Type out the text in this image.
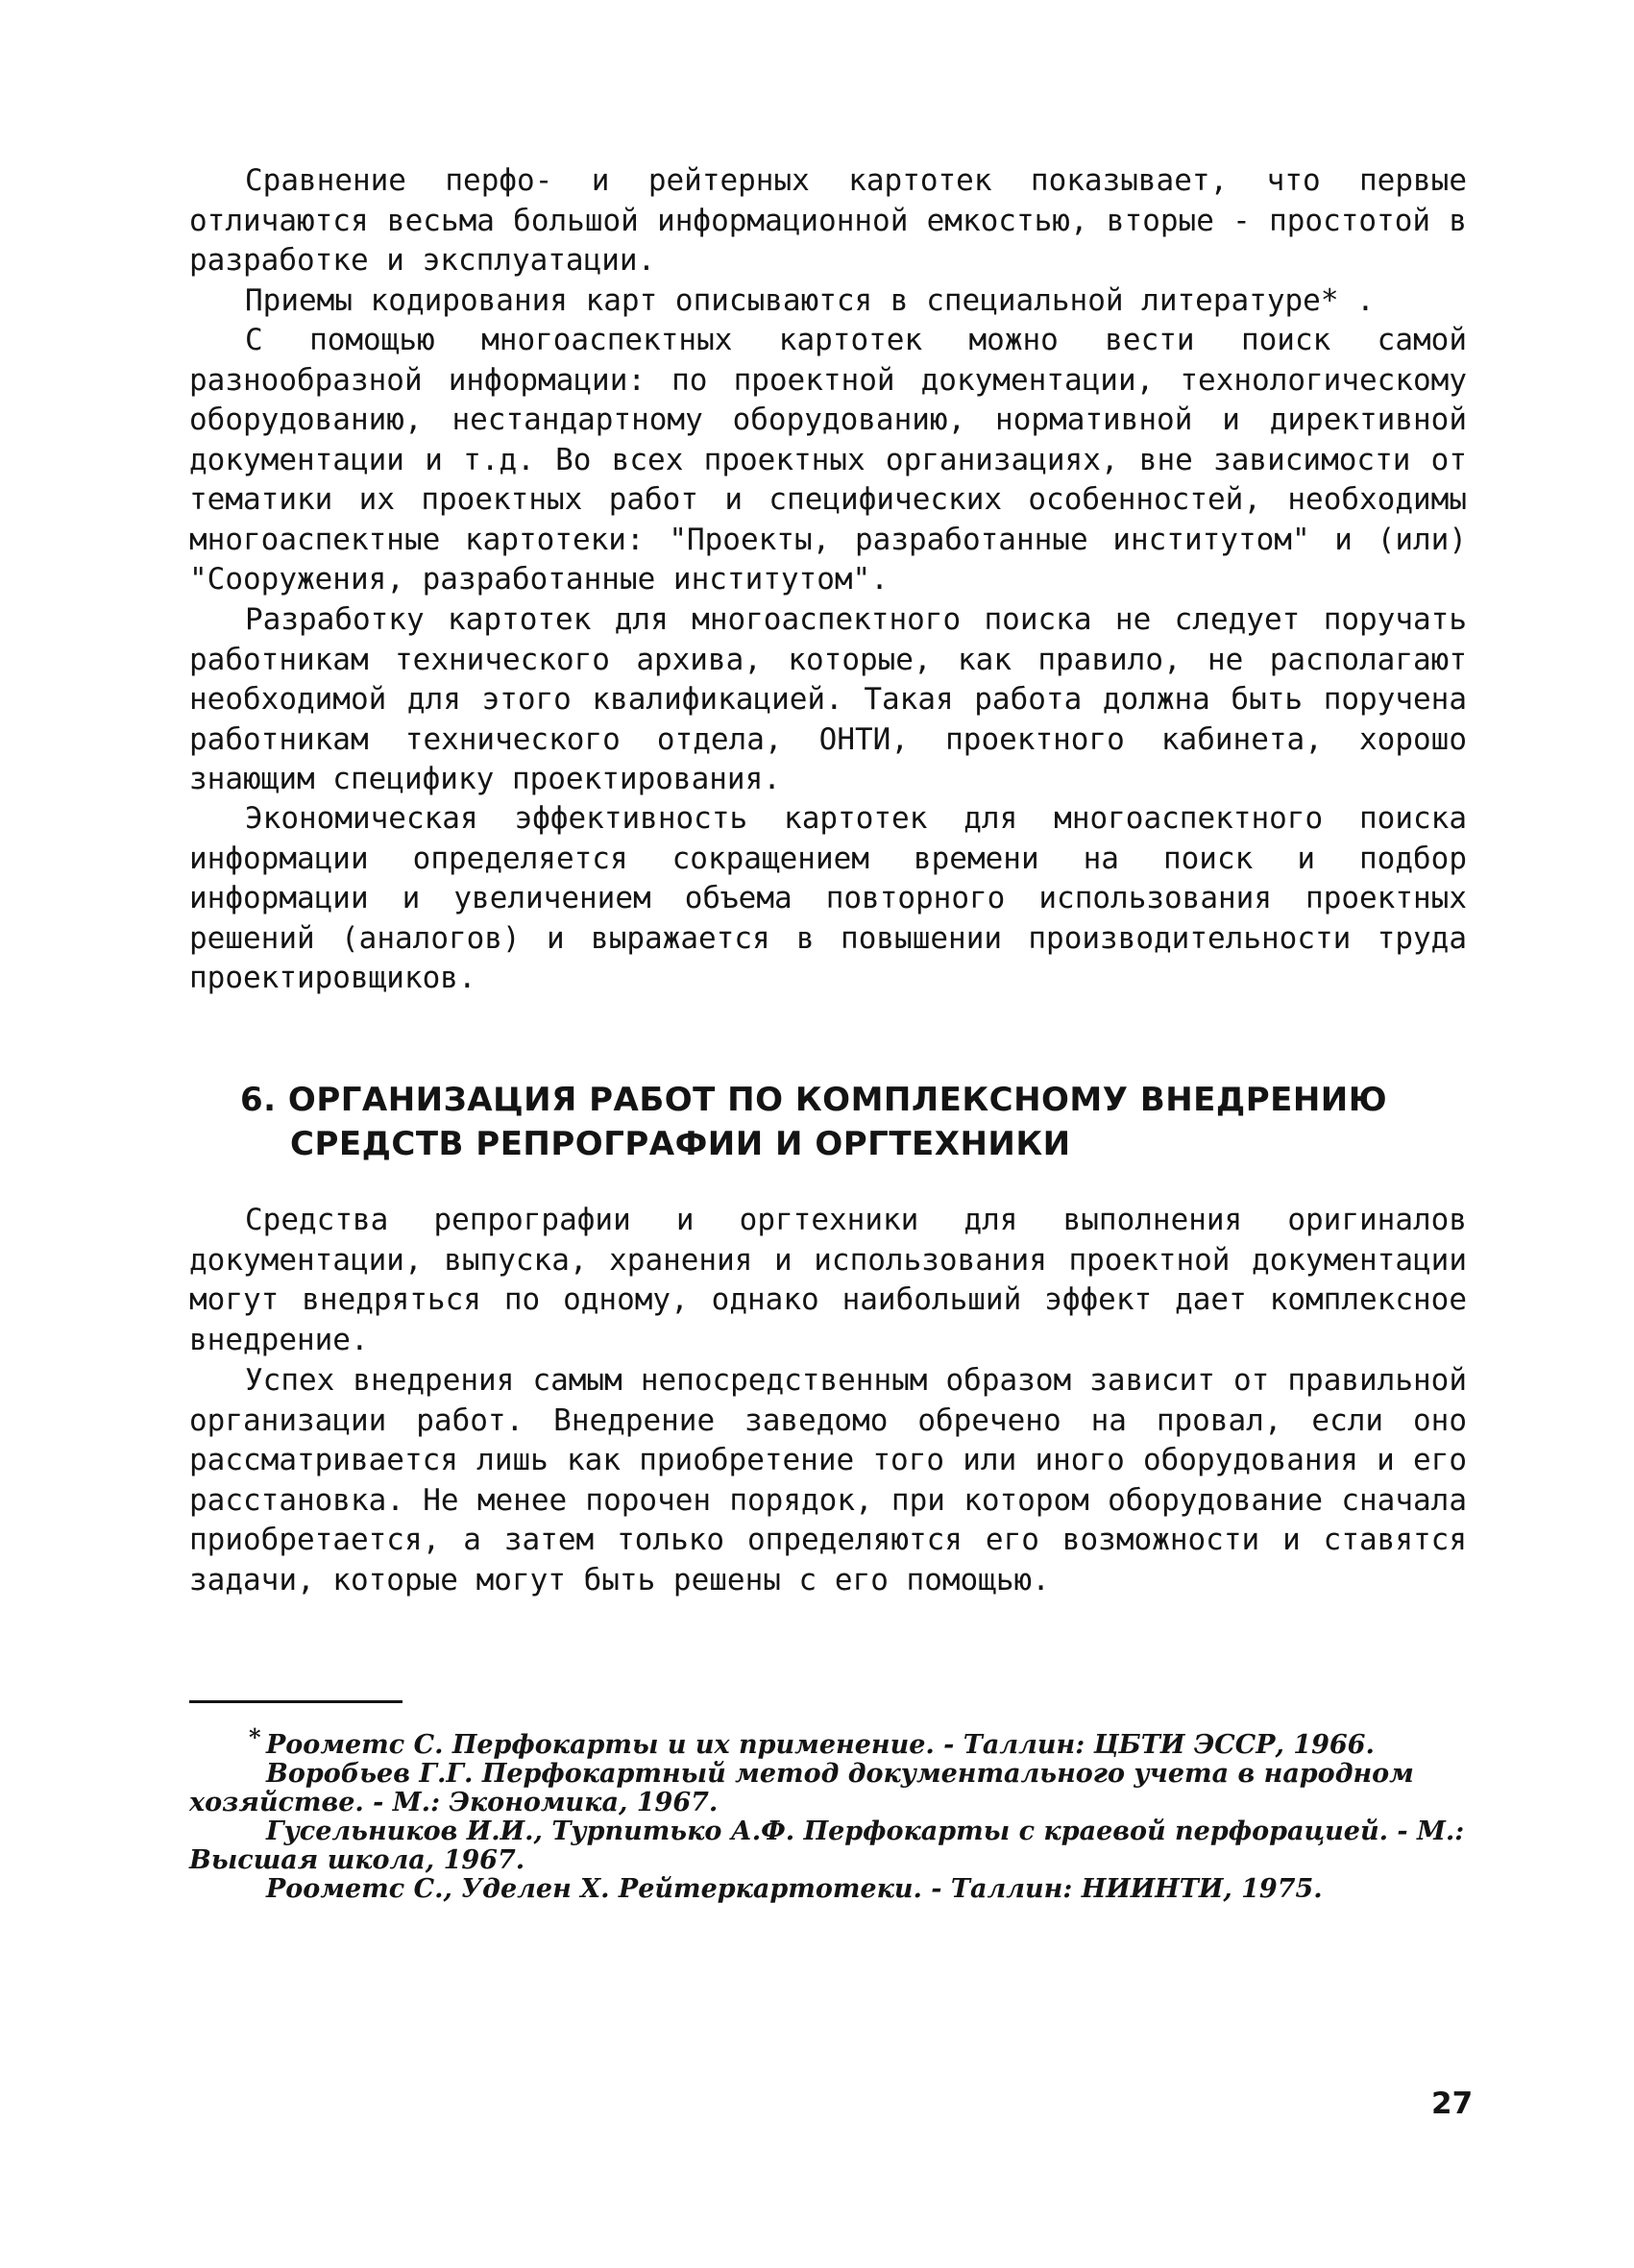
Сравнение перфо- и рейтерных картотек показывает, что первые отличаются весьма большой информационной емкостью, вторые - простотой в разработке и эксплуатации.

Приемы кодирования карт описываются в специальной литературе* .

С помощью многоаспектных картотек можно вести поиск самой разнообразной информации: по проектной документации, технологическому оборудованию, нестандартному оборудованию, нормативной и директивной документации и т.д. Во всех проектных организациях, вне зависимости от тематики их проектных работ и специфических особенностей, необходимы многоаспектные картотеки: "Проекты, разработанные институтом" и (или) "Сооружения, разработанные институтом".

Разработку картотек для многоаспектного поиска не следует поручать работникам технического архива, которые, как правило, не располагают необходимой для этого квалификацией. Такая работа должна быть поручена работникам технического отдела, ОНТИ, проектного кабинета, хорошо знающим специфику проектирования.

Экономическая эффективность картотек для многоаспектного поиска информации определяется сокращением времени на поиск и подбор информации и увеличением объема повторного использования проектных решений (аналогов) и выражается в повышении производительности труда проектировщиков.

6. ОРГАНИЗАЦИЯ РАБОТ ПО КОМПЛЕКСНОМУ ВНЕДРЕНИЮ
СРЕДСТВ РЕПРОГРАФИИ И ОРГТЕХНИКИ

Средства репрографии и оргтехники для выполнения оригиналов документации, выпуска, хранения и использования проектной документации могут внедряться по одному, однако наибольший эффект дает комплексное внедрение.

Успех внедрения самым непосредственным образом зависит от правильной организации работ. Внедрение заведомо обречено на провал, если оно рассматривается лишь как приобретение того или иного оборудования и его расстановка. Не менее порочен порядок, при котором оборудование сначала приобретается, а затем только определяются его возможности и ставятся задачи, которые могут быть решены с его помощью.

* Роометс С. Перфокарты и их применение. - Таллин: ЦБТИ ЭССР, 1966.

Воробьев Г.Г. Перфокартный метод документального учета в народном хозяйстве. - М.: Экономика, 1967.

Гусельников И.И., Турпитько А.Ф. Перфокарты с краевой перфорацией. - М.: Высшая школа, 1967.

Роометс С., Уделен Х. Рейтеркартотеки. - Таллин: НИИНТИ, 1975.

27
